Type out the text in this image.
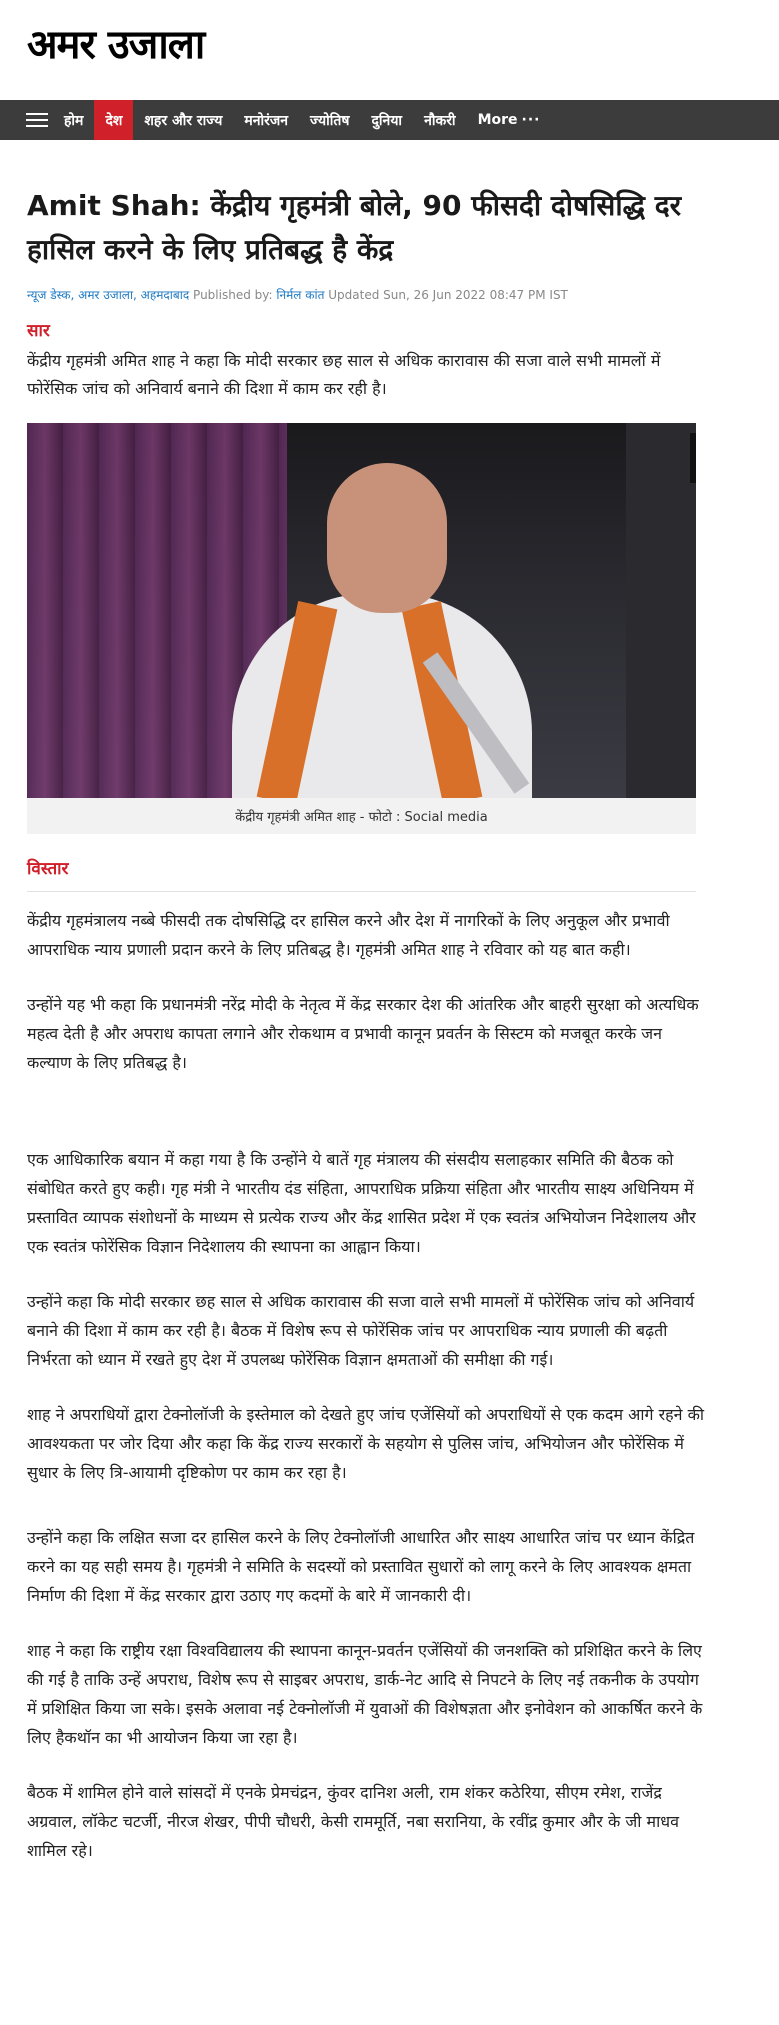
अमर उजाला
होम	देश	शहर और राज्य	मनोरंजन	ज्योतिष	दुनिया	नौकरी	More ···
Amit Shah: केंद्रीय गृहमंत्री बोले, 90 फीसदी दोषसिद्धि दर हासिल करने के लिए प्रतिबद्ध है केंद्र
न्यूज डेस्क, अमर उजाला, अहमदाबाद Published by: निर्मल कांत Updated Sun, 26 Jun 2022 08:47 PM IST
सार

केंद्रीय गृहमंत्री अमित शाह ने कहा कि मोदी सरकार छह साल से अधिक कारावास की सजा वाले सभी मामलों में फोरेंसिक जांच को अनिवार्य बनाने की दिशा में काम कर रही है।

केंद्रीय गृहमंत्री अमित शाह - फोटो : Social media
विस्तार

केंद्रीय गृहमंत्रालय नब्बे फीसदी तक दोषसिद्धि दर हासिल करने और देश में नागरिकों के लिए अनुकूल और प्रभावी आपराधिक न्याय प्रणाली प्रदान करने के लिए प्रतिबद्ध है। गृहमंत्री अमित शाह ने रविवार को यह बात कही।

उन्होंने यह भी कहा कि प्रधानमंत्री नरेंद्र मोदी के नेतृत्व में केंद्र सरकार देश की आंतरिक और बाहरी सुरक्षा को अत्यधिक महत्व देती है और अपराध कापता लगाने और रोकथाम व प्रभावी कानून प्रवर्तन के सिस्टम को मजबूत करके जन कल्याण के लिए प्रतिबद्ध है।

एक आधिकारिक बयान में कहा गया है कि उन्होंने ये बातें गृह मंत्रालय की संसदीय सलाहकार समिति की बैठक को संबोधित करते हुए कही। गृह मंत्री ने भारतीय दंड संहिता, आपराधिक प्रक्रिया संहिता और भारतीय साक्ष्य अधिनियम में प्रस्तावित व्यापक संशोधनों के माध्यम से प्रत्येक राज्य और केंद्र शासित प्रदेश में एक स्वतंत्र अभियोजन निदेशालय और एक स्वतंत्र फोरेंसिक विज्ञान निदेशालय की स्थापना का आह्वान किया।

उन्होंने कहा कि मोदी सरकार छह साल से अधिक कारावास की सजा वाले सभी मामलों में फोरेंसिक जांच को अनिवार्य बनाने की दिशा में काम कर रही है। बैठक में विशेष रूप से फोरेंसिक जांच पर आपराधिक न्याय प्रणाली की बढ़ती निर्भरता को ध्यान में रखते हुए देश में उपलब्ध फोरेंसिक विज्ञान क्षमताओं की समीक्षा की गई।

शाह ने अपराधियों द्वारा टेक्नोलॉजी के इस्तेमाल को देखते हुए जांच एजेंसियों को अपराधियों से एक कदम आगे रहने की आवश्यकता पर जोर दिया और कहा कि केंद्र राज्य सरकारों के सहयोग से पुलिस जांच, अभियोजन और फोरेंसिक में सुधार के लिए त्रि-आयामी दृष्टिकोण पर काम कर रहा है।

उन्होंने कहा कि लक्षित सजा दर हासिल करने के लिए टेक्नोलॉजी आधारित और साक्ष्य आधारित जांच पर ध्यान केंद्रित करने का यह सही समय है। गृहमंत्री ने समिति के सदस्यों को प्रस्तावित सुधारों को लागू करने के लिए आवश्यक क्षमता निर्माण की दिशा में केंद्र सरकार द्वारा उठाए गए कदमों के बारे में जानकारी दी।

शाह ने कहा कि राष्ट्रीय रक्षा विश्वविद्यालय की स्थापना कानून-प्रवर्तन एजेंसियों की जनशक्ति को प्रशिक्षित करने के लिए की गई है ताकि उन्हें अपराध, विशेष रूप से साइबर अपराध, डार्क-नेट आदि से निपटने के लिए नई तकनीक के उपयोग में प्रशिक्षित किया जा सके। इसके अलावा नई टेक्नोलॉजी में युवाओं की विशेषज्ञता और इनोवेशन को आकर्षित करने के लिए हैकथॉन का भी आयोजन किया जा रहा है।

बैठक में शामिल होने वाले सांसदों में एनके प्रेमचंद्रन, कुंवर दानिश अली, राम शंकर कठेरिया, सीएम रमेश, राजेंद्र अग्रवाल, लॉकेट चटर्जी, नीरज शेखर, पीपी चौधरी, केसी राममूर्ति, नबा सरानिया, के रवींद्र कुमार और के जी माधव शामिल रहे।
